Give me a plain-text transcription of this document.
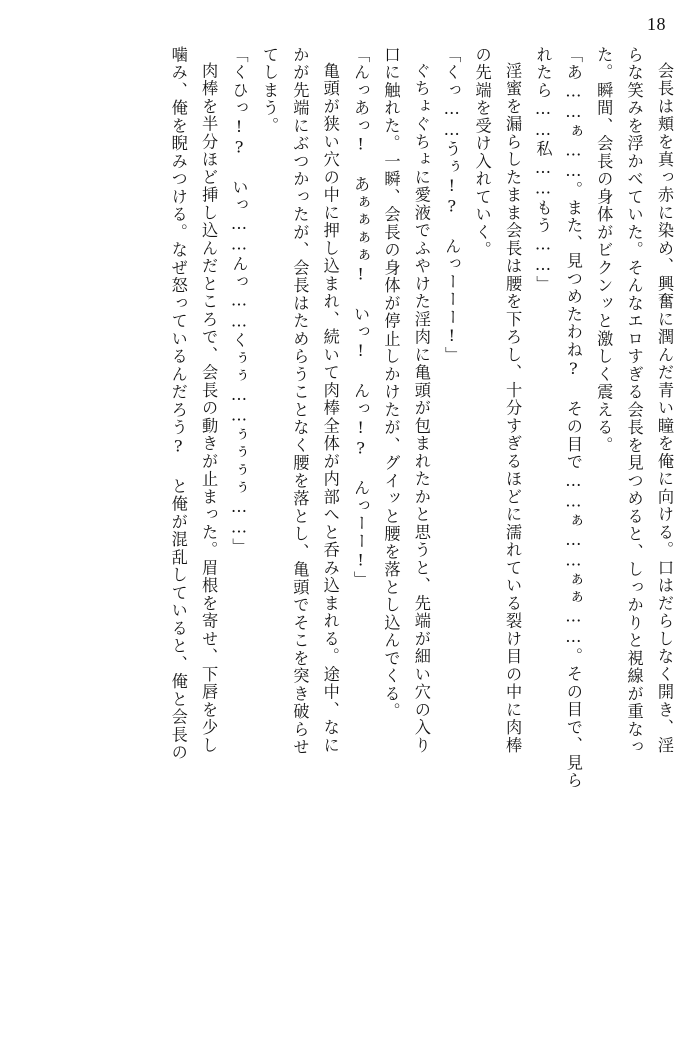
18
会長は頬を真っ赤に染め、興奮に潤んだ青い瞳を俺に向ける。口はだらしなく開き、淫
らな笑みを浮かべていた。そんなエロすぎる会長を見つめると、しっかりと視線が重なっ
た。瞬間、会長の身体がビクンッと激しく震える。
「あ……ぁ……。また、見つめたわね? その目で……ぁ……ぁぁ……。その目で、見ら
れたら……私……もう……」
淫蜜を漏らしたまま会長は腰を下ろし、十分すぎるほどに濡れている裂け目の中に肉棒
の先端を受け入れていく。
「くっ……うぅ!? んっーーー!」
ぐちょぐちょに愛液でふやけた淫肉に亀頭が包まれたかと思うと、先端が細い穴の入り
口に触れた。一瞬、会長の身体が停止しかけたが、グイッと腰を落とし込んでくる。
「んっあっ! あぁぁぁぁ! いっ! んっ!? んっーー!」
亀頭が狭い穴の中に押し込まれ、続いて肉棒全体が内部へと呑み込まれる。途中、なに
かが先端にぶつかったが、会長はためらうことなく腰を落とし、亀頭でそこを突き破らせ
てしまう。
「くひっ!? いっ……んっ……くぅぅ……ぅぅぅぅ……」
肉棒を半分ほど挿し込んだところで、会長の動きが止まった。眉根を寄せ、下唇を少し
噛み、俺を睨みつける。なぜ怒っているんだろう? と俺が混乱していると、俺と会長の
